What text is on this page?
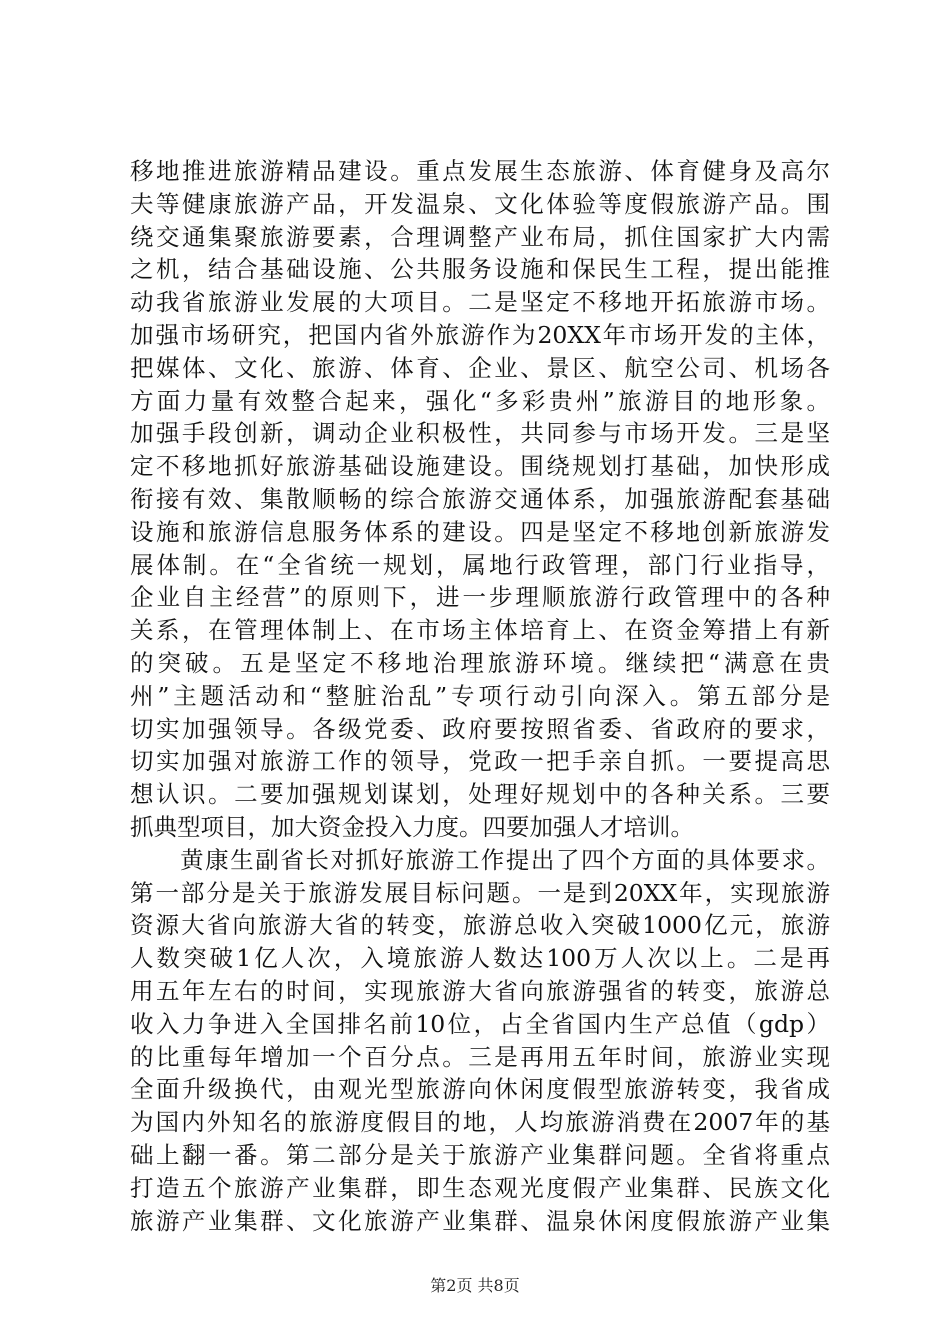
移地推进旅游精品建设。重点发展生态旅游、体育健身及高尔
夫等健康旅游产品，开发温泉、文化体验等度假旅游产品。围
绕交通集聚旅游要素，合理调整产业布局，抓住国家扩大内需
之机，结合基础设施、公共服务设施和保民生工程，提出能推
动我省旅游业发展的大项目。二是坚定不移地开拓旅游市场。
加强市场研究，把国内省外旅游作为20XX年市场开发的主体，
把媒体、文化、旅游、体育、企业、景区、航空公司、机场各
方面力量有效整合起来，强化“多彩贵州”旅游目的地形象。
加强手段创新，调动企业积极性，共同参与市场开发。三是坚
定不移地抓好旅游基础设施建设。围绕规划打基础，加快形成
衔接有效、集散顺畅的综合旅游交通体系，加强旅游配套基础
设施和旅游信息服务体系的建设。四是坚定不移地创新旅游发
展体制。在“全省统一规划，属地行政管理，部门行业指导，
企业自主经营”的原则下，进一步理顺旅游行政管理中的各种
关系，在管理体制上、在市场主体培育上、在资金筹措上有新
的突破。五是坚定不移地治理旅游环境。继续把“满意在贵
州”主题活动和“整脏治乱”专项行动引向深入。第五部分是
切实加强领导。各级党委、政府要按照省委、省政府的要求，
切实加强对旅游工作的领导，党政一把手亲自抓。一要提高思
想认识。二要加强规划谋划，处理好规划中的各种关系。三要
抓典型项目，加大资金投入力度。四要加强人才培训。
　　黄康生副省长对抓好旅游工作提出了四个方面的具体要求。
第一部分是关于旅游发展目标问题。一是到20XX年，实现旅游
资源大省向旅游大省的转变，旅游总收入突破1000亿元，旅游
人数突破1亿人次，入境旅游人数达100万人次以上。二是再
用五年左右的时间，实现旅游大省向旅游强省的转变，旅游总
收入力争进入全国排名前10位，占全省国内生产总值（gdp）
的比重每年增加一个百分点。三是再用五年时间，旅游业实现
全面升级换代，由观光型旅游向休闲度假型旅游转变，我省成
为国内外知名的旅游度假目的地，人均旅游消费在2007年的基
础上翻一番。第二部分是关于旅游产业集群问题。全省将重点
打造五个旅游产业集群，即生态观光度假产业集群、民族文化
旅游产业集群、文化旅游产业集群、温泉休闲度假旅游产业集
第2页 共8页
